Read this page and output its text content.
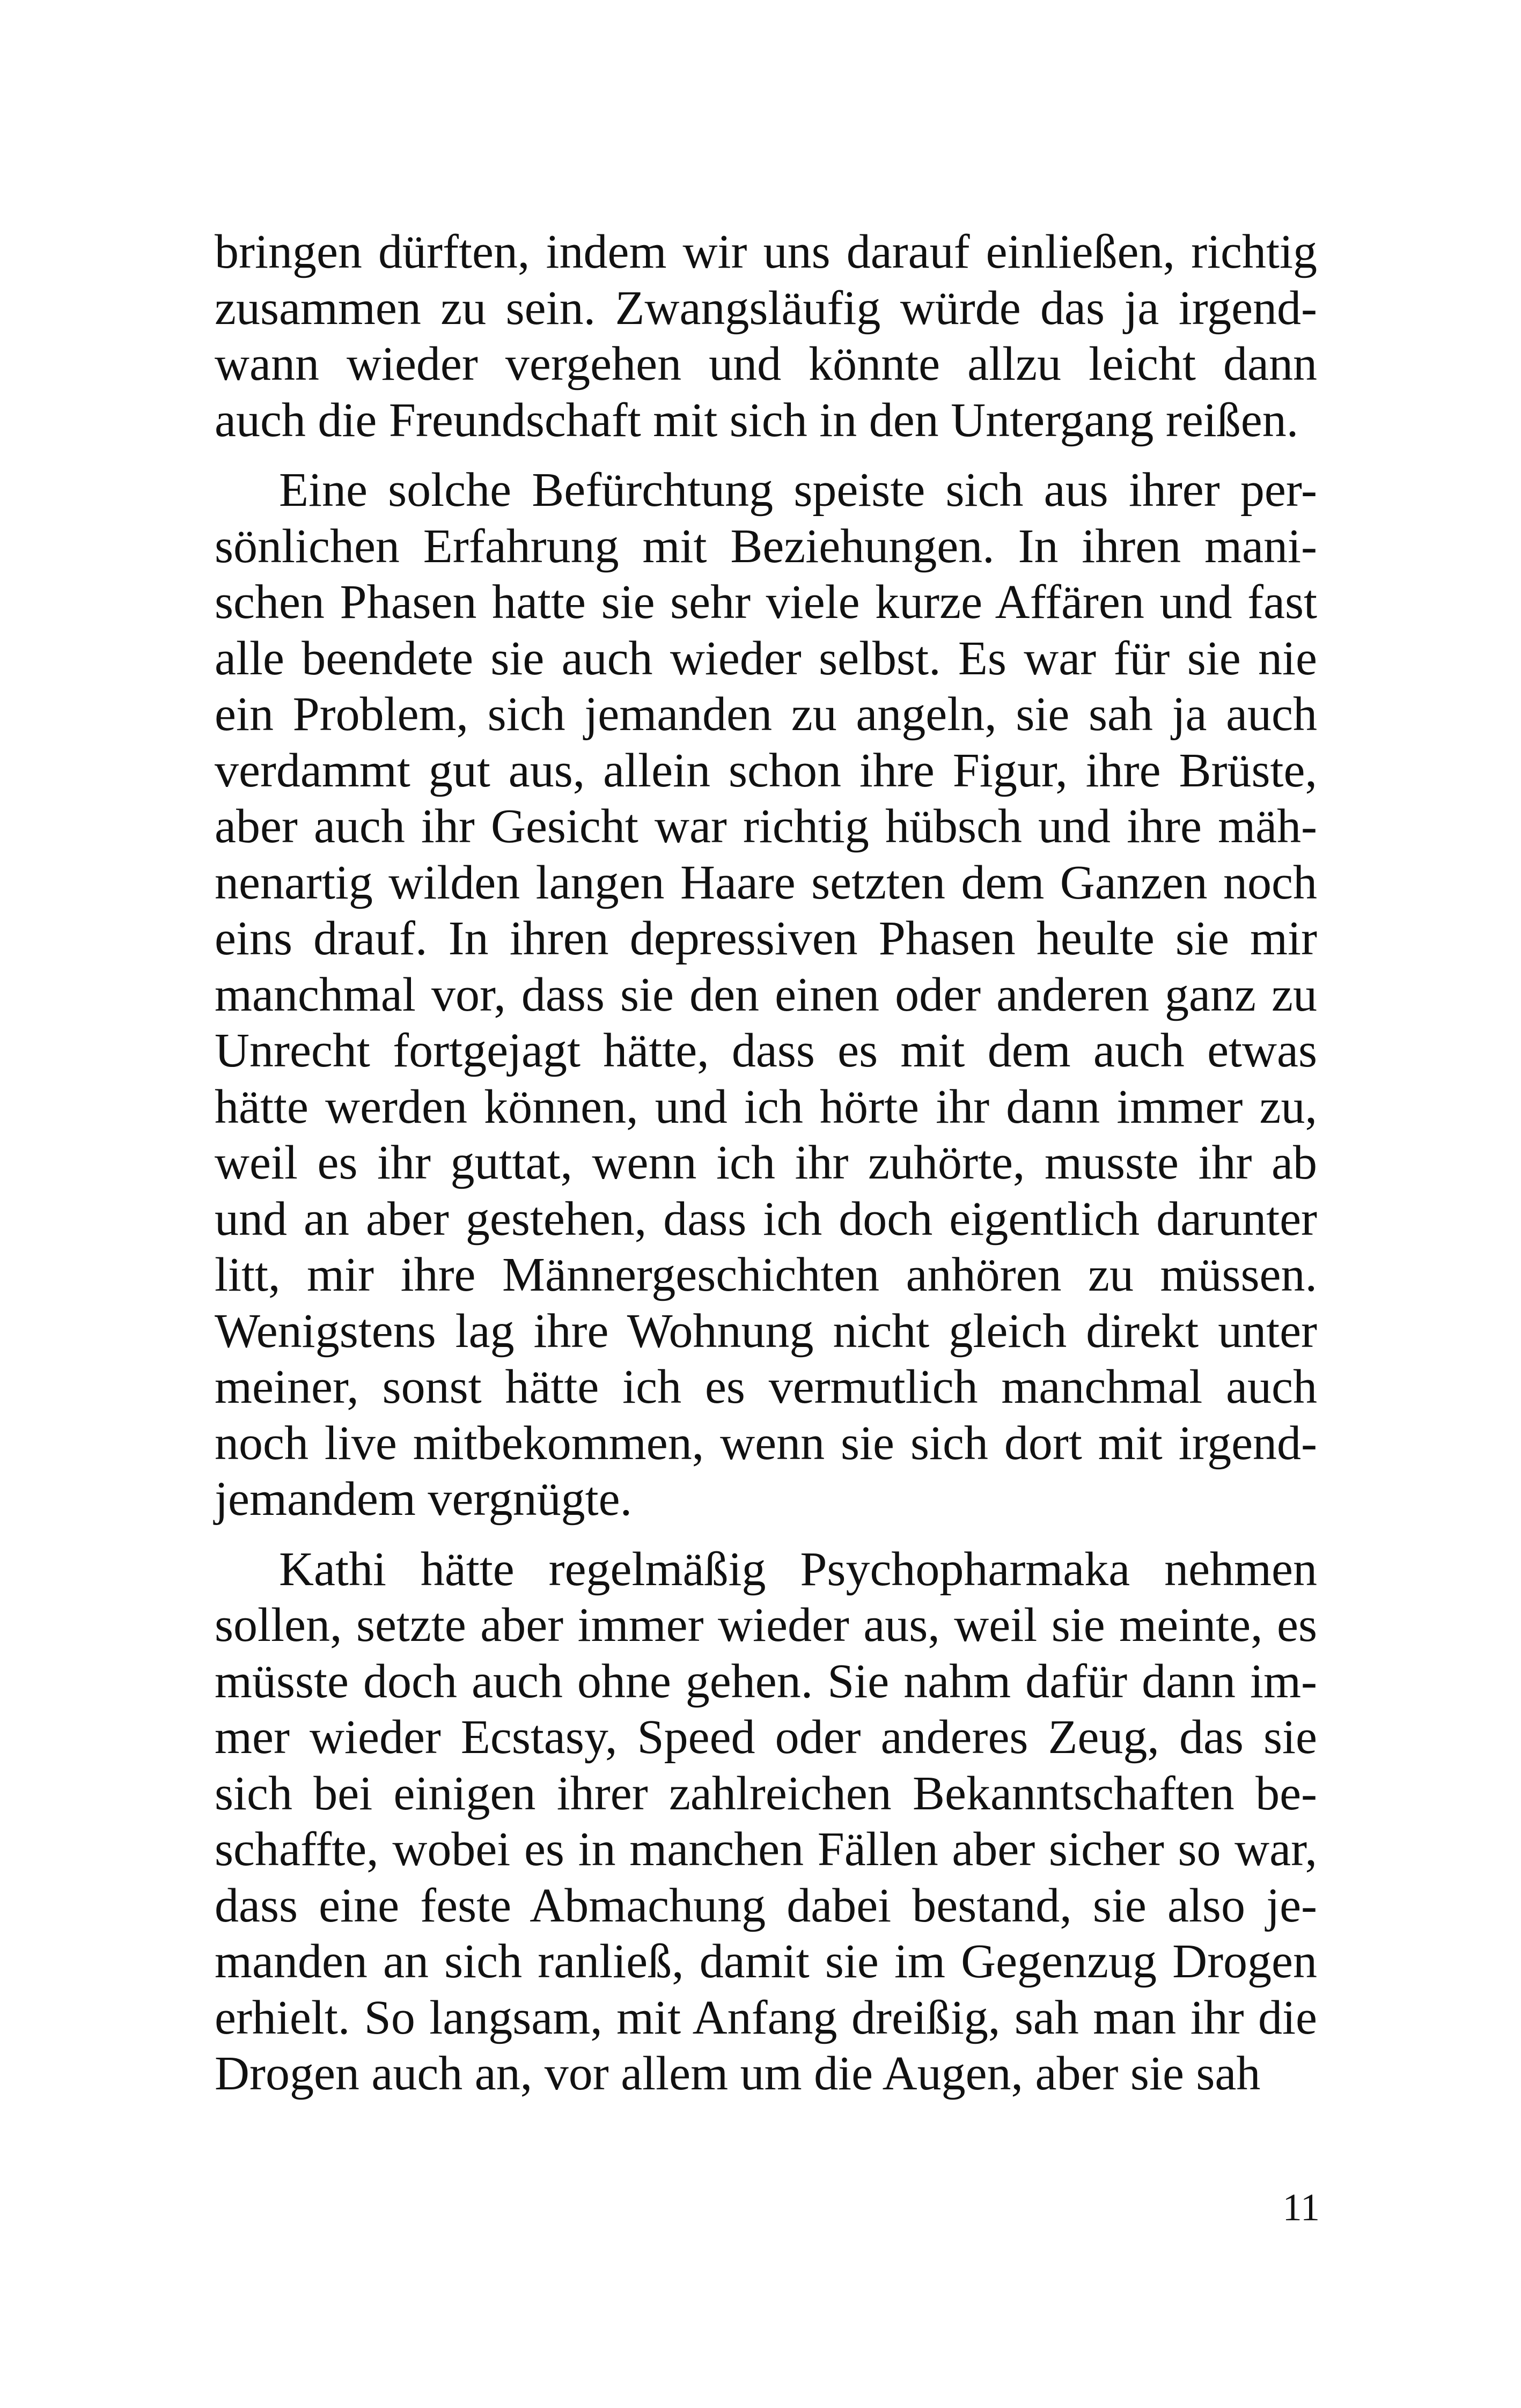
bringen dürften, indem wir uns darauf einließen, richtig
zusammen zu sein. Zwangsläufig würde das ja irgend-
wann wieder vergehen und könnte allzu leicht dann
auch die Freundschaft mit sich in den Untergang reißen.

Eine solche Befürchtung speiste sich aus ihrer per-
sönlichen Erfahrung mit Beziehungen. In ihren mani-
schen Phasen hatte sie sehr viele kurze Affären und fast
alle beendete sie auch wieder selbst. Es war für sie nie
ein Problem, sich jemanden zu angeln, sie sah ja auch
verdammt gut aus, allein schon ihre Figur, ihre Brüste,
aber auch ihr Gesicht war richtig hübsch und ihre mäh-
nenartig wilden langen Haare setzten dem Ganzen noch
eins drauf. In ihren depressiven Phasen heulte sie mir
manchmal vor, dass sie den einen oder anderen ganz zu
Unrecht fortgejagt hätte, dass es mit dem auch etwas
hätte werden können, und ich hörte ihr dann immer zu,
weil es ihr guttat, wenn ich ihr zuhörte, musste ihr ab
und an aber gestehen, dass ich doch eigentlich darunter
litt, mir ihre Männergeschichten anhören zu müssen.
Wenigstens lag ihre Wohnung nicht gleich direkt unter
meiner, sonst hätte ich es vermutlich manchmal auch
noch live mitbekommen, wenn sie sich dort mit irgend-
jemandem vergnügte.

Kathi hätte regelmäßig Psychopharmaka nehmen
sollen, setzte aber immer wieder aus, weil sie meinte, es
müsste doch auch ohne gehen. Sie nahm dafür dann im-
mer wieder Ecstasy, Speed oder anderes Zeug, das sie
sich bei einigen ihrer zahlreichen Bekanntschaften be-
schaffte, wobei es in manchen Fällen aber sicher so war,
dass eine feste Abmachung dabei bestand, sie also je-
manden an sich ranließ, damit sie im Gegenzug Drogen
erhielt. So langsam, mit Anfang dreißig, sah man ihr die
Drogen auch an, vor allem um die Augen, aber sie sah

11
